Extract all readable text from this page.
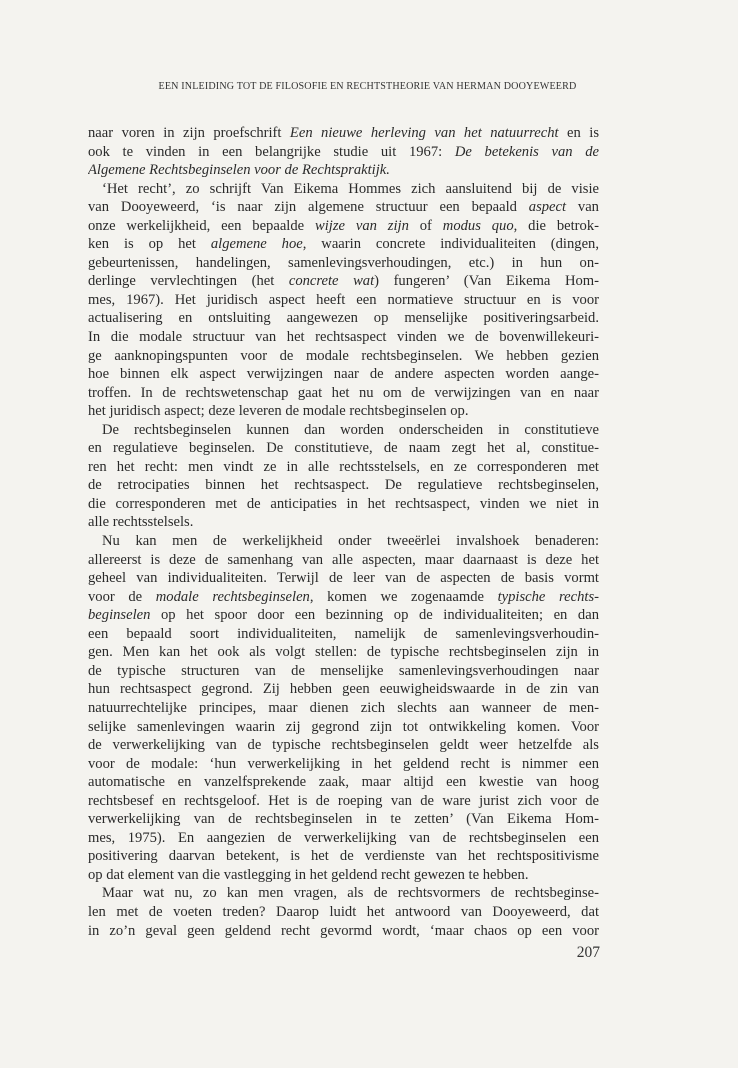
EEN INLEIDING TOT DE FILOSOFIE EN RECHTSTHEORIE VAN HERMAN DOOYEWEERD

naar voren in zijn proefschrift Een nieuwe herleving van het natuurrecht en is
ook te vinden in een belangrijke studie uit 1967: De betekenis van de
Algemene Rechtsbeginselen voor de Rechtspraktijk.

‘Het recht’, zo schrijft Van Eikema Hommes zich aansluitend bij de visie
van Dooyeweerd, ‘is naar zijn algemene structuur een bepaald aspect van
onze werkelijkheid, een bepaalde wijze van zijn of modus quo, die betrok-
ken is op het algemene hoe, waarin concrete individualiteiten (dingen,
gebeurtenissen, handelingen, samenlevingsverhoudingen, etc.) in hun on-
derlinge vervlechtingen (het concrete wat) fungeren’ (Van Eikema Hom-
mes, 1967). Het juridisch aspect heeft een normatieve structuur en is voor
actualisering en ontsluiting aangewezen op menselijke positiveringsarbeid.
In die modale structuur van het rechtsaspect vinden we de bovenwillekeuri-
ge aanknopingspunten voor de modale rechtsbeginselen. We hebben gezien
hoe binnen elk aspect verwijzingen naar de andere aspecten worden aange-
troffen. In de rechtswetenschap gaat het nu om de verwijzingen van en naar
het juridisch aspect; deze leveren de modale rechtsbeginselen op.

De rechtsbeginselen kunnen dan worden onderscheiden in constitutieve
en regulatieve beginselen. De constitutieve, de naam zegt het al, constitue-
ren het recht: men vindt ze in alle rechtsstelsels, en ze corresponderen met
de retrocipaties binnen het rechtsaspect. De regulatieve rechtsbeginselen,
die corresponderen met de anticipaties in het rechtsaspect, vinden we niet in
alle rechtsstelsels.

Nu kan men de werkelijkheid onder tweeërlei invalshoek benaderen:
allereerst is deze de samenhang van alle aspecten, maar daarnaast is deze het
geheel van individualiteiten. Terwijl de leer van de aspecten de basis vormt
voor de modale rechtsbeginselen, komen we zogenaamde typische rechts-
beginselen op het spoor door een bezinning op de individualiteiten; en dan
een bepaald soort individualiteiten, namelijk de samenlevingsverhoudin-
gen. Men kan het ook als volgt stellen: de typische rechtsbeginselen zijn in
de typische structuren van de menselijke samenlevingsverhoudingen naar
hun rechtsaspect gegrond. Zij hebben geen eeuwigheidswaarde in de zin van
natuurrechtelijke principes, maar dienen zich slechts aan wanneer de men-
selijke samenlevingen waarin zij gegrond zijn tot ontwikkeling komen. Voor
de verwerkelijking van de typische rechtsbeginselen geldt weer hetzelfde als
voor de modale: ‘hun verwerkelijking in het geldend recht is nimmer een
automatische en vanzelfsprekende zaak, maar altijd een kwestie van hoog
rechtsbesef en rechtsgeloof. Het is de roeping van de ware jurist zich voor de
verwerkelijking van de rechtsbeginselen in te zetten’ (Van Eikema Hom-
mes, 1975). En aangezien de verwerkelijking van de rechtsbeginselen een
positivering daarvan betekent, is het de verdienste van het rechtspositivisme
op dat element van die vastlegging in het geldend recht gewezen te hebben.

Maar wat nu, zo kan men vragen, als de rechtsvormers de rechtsbeginse-
len met de voeten treden? Daarop luidt het antwoord van Dooyeweerd, dat
in zo’n geval geen geldend recht gevormd wordt, ‘maar chaos op een voor

207
